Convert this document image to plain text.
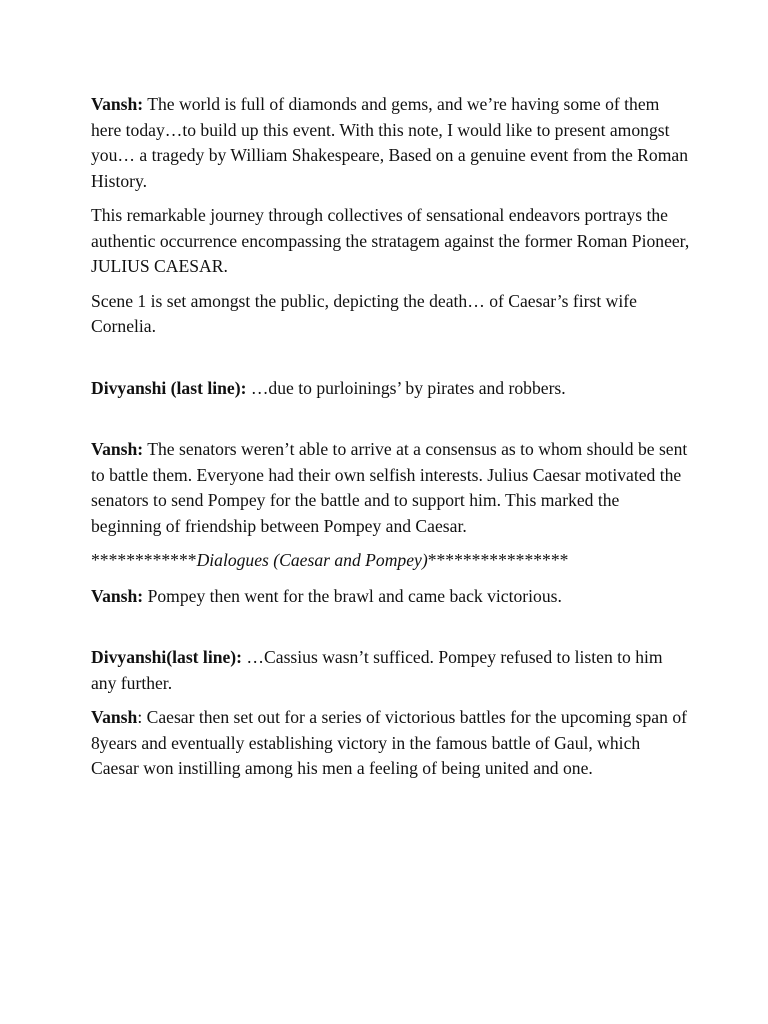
Vansh: The world is full of diamonds and gems, and we’re having some of them here today…to build up this event. With this note, I would like to present amongst you… a tragedy by William Shakespeare, Based on a genuine event from the Roman History.

This remarkable journey through collectives of sensational endeavors portrays the authentic occurrence encompassing the stratagem against the former Roman Pioneer, JULIUS CAESAR.

Scene 1 is set amongst the public, depicting the death… of Caesar’s first wife Cornelia.

Divyanshi (last line): …due to purloinings’ by pirates and robbers.

Vansh: The senators weren’t able to arrive at a consensus as to whom should be sent to battle them. Everyone had their own selfish interests. Julius Caesar motivated the senators to send Pompey for the battle and to support him. This marked the beginning of friendship between Pompey and Caesar.

************Dialogues (Caesar and Pompey)****************

Vansh: Pompey then went for the brawl and came back victorious.

Divyanshi(last line): …Cassius wasn’t sufficed. Pompey refused to listen to him any further.

Vansh: Caesar then set out for a series of victorious battles for the upcoming span of 8years and eventually establishing victory in the famous battle of Gaul, which Caesar won instilling among his men a feeling of being united and one.
